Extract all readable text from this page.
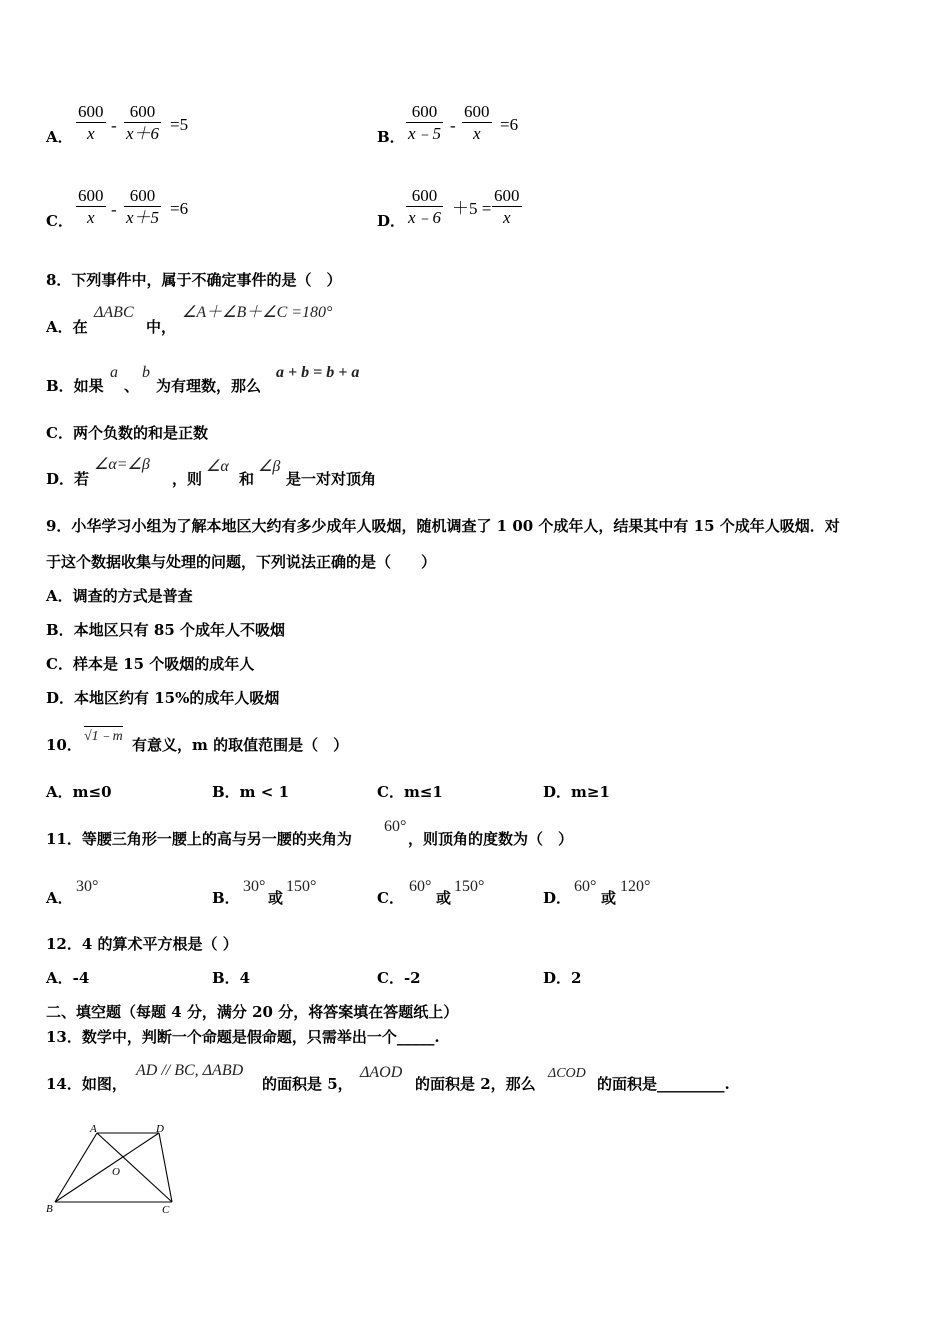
A．
600
x -
600
x＋6 =5
B．
600
x﹣5 -
600
x =6
C．
600
x -
600
x＋5 =6
D．
600
x﹣6 ＋5 =
600
x
8．下列事件中，属于不确定事件的是（　）
A．在
ΔABC
中，
∠A＋∠B＋∠C =180°
B．如果
a
、
b
为有理数，那么
a + b = b + a
C．两个负数的和是正数
D．若
∠α=∠β
，则
∠α
和
∠β
是一对对顶角
9．小华学习小组为了解本地区大约有多少成年人吸烟，随机调查了 1 00 个成年人，结果其中有 15 个成年人吸烟．对
于这个数据收集与处理的问题，下列说法正确的是（　　）
A．调查的方式是普查
B．本地区只有 85 个成年人不吸烟
C．样本是 15 个吸烟的成年人
D．本地区约有 15%的成年人吸烟
10． √1﹣m 有意义，m 的取值范围是（　）
A．m≤0	B．m < 1	C．m≤1	D．m≥1
11．等腰三角形一腰上的高与另一腰的夹角为
60°
，则顶角的度数为（　）
A．
30°
B．
30°
或
150°
C．
60°
或
150°
D．
60°
或
120°
12．4 的算术平方根是（ ）
A．-4	B．4	C．-2	D．2
二、填空题（每题 4 分，满分 20 分，将答案填在答题纸上）
13．数学中，判断一个命题是假命题，只需举出一个_____.
14．如图，
AD // BC, ΔABD
的面积是 5，
ΔAOD
的面积是 2，那么
ΔCOD
的面积是_________.
A	D
O
B	C
